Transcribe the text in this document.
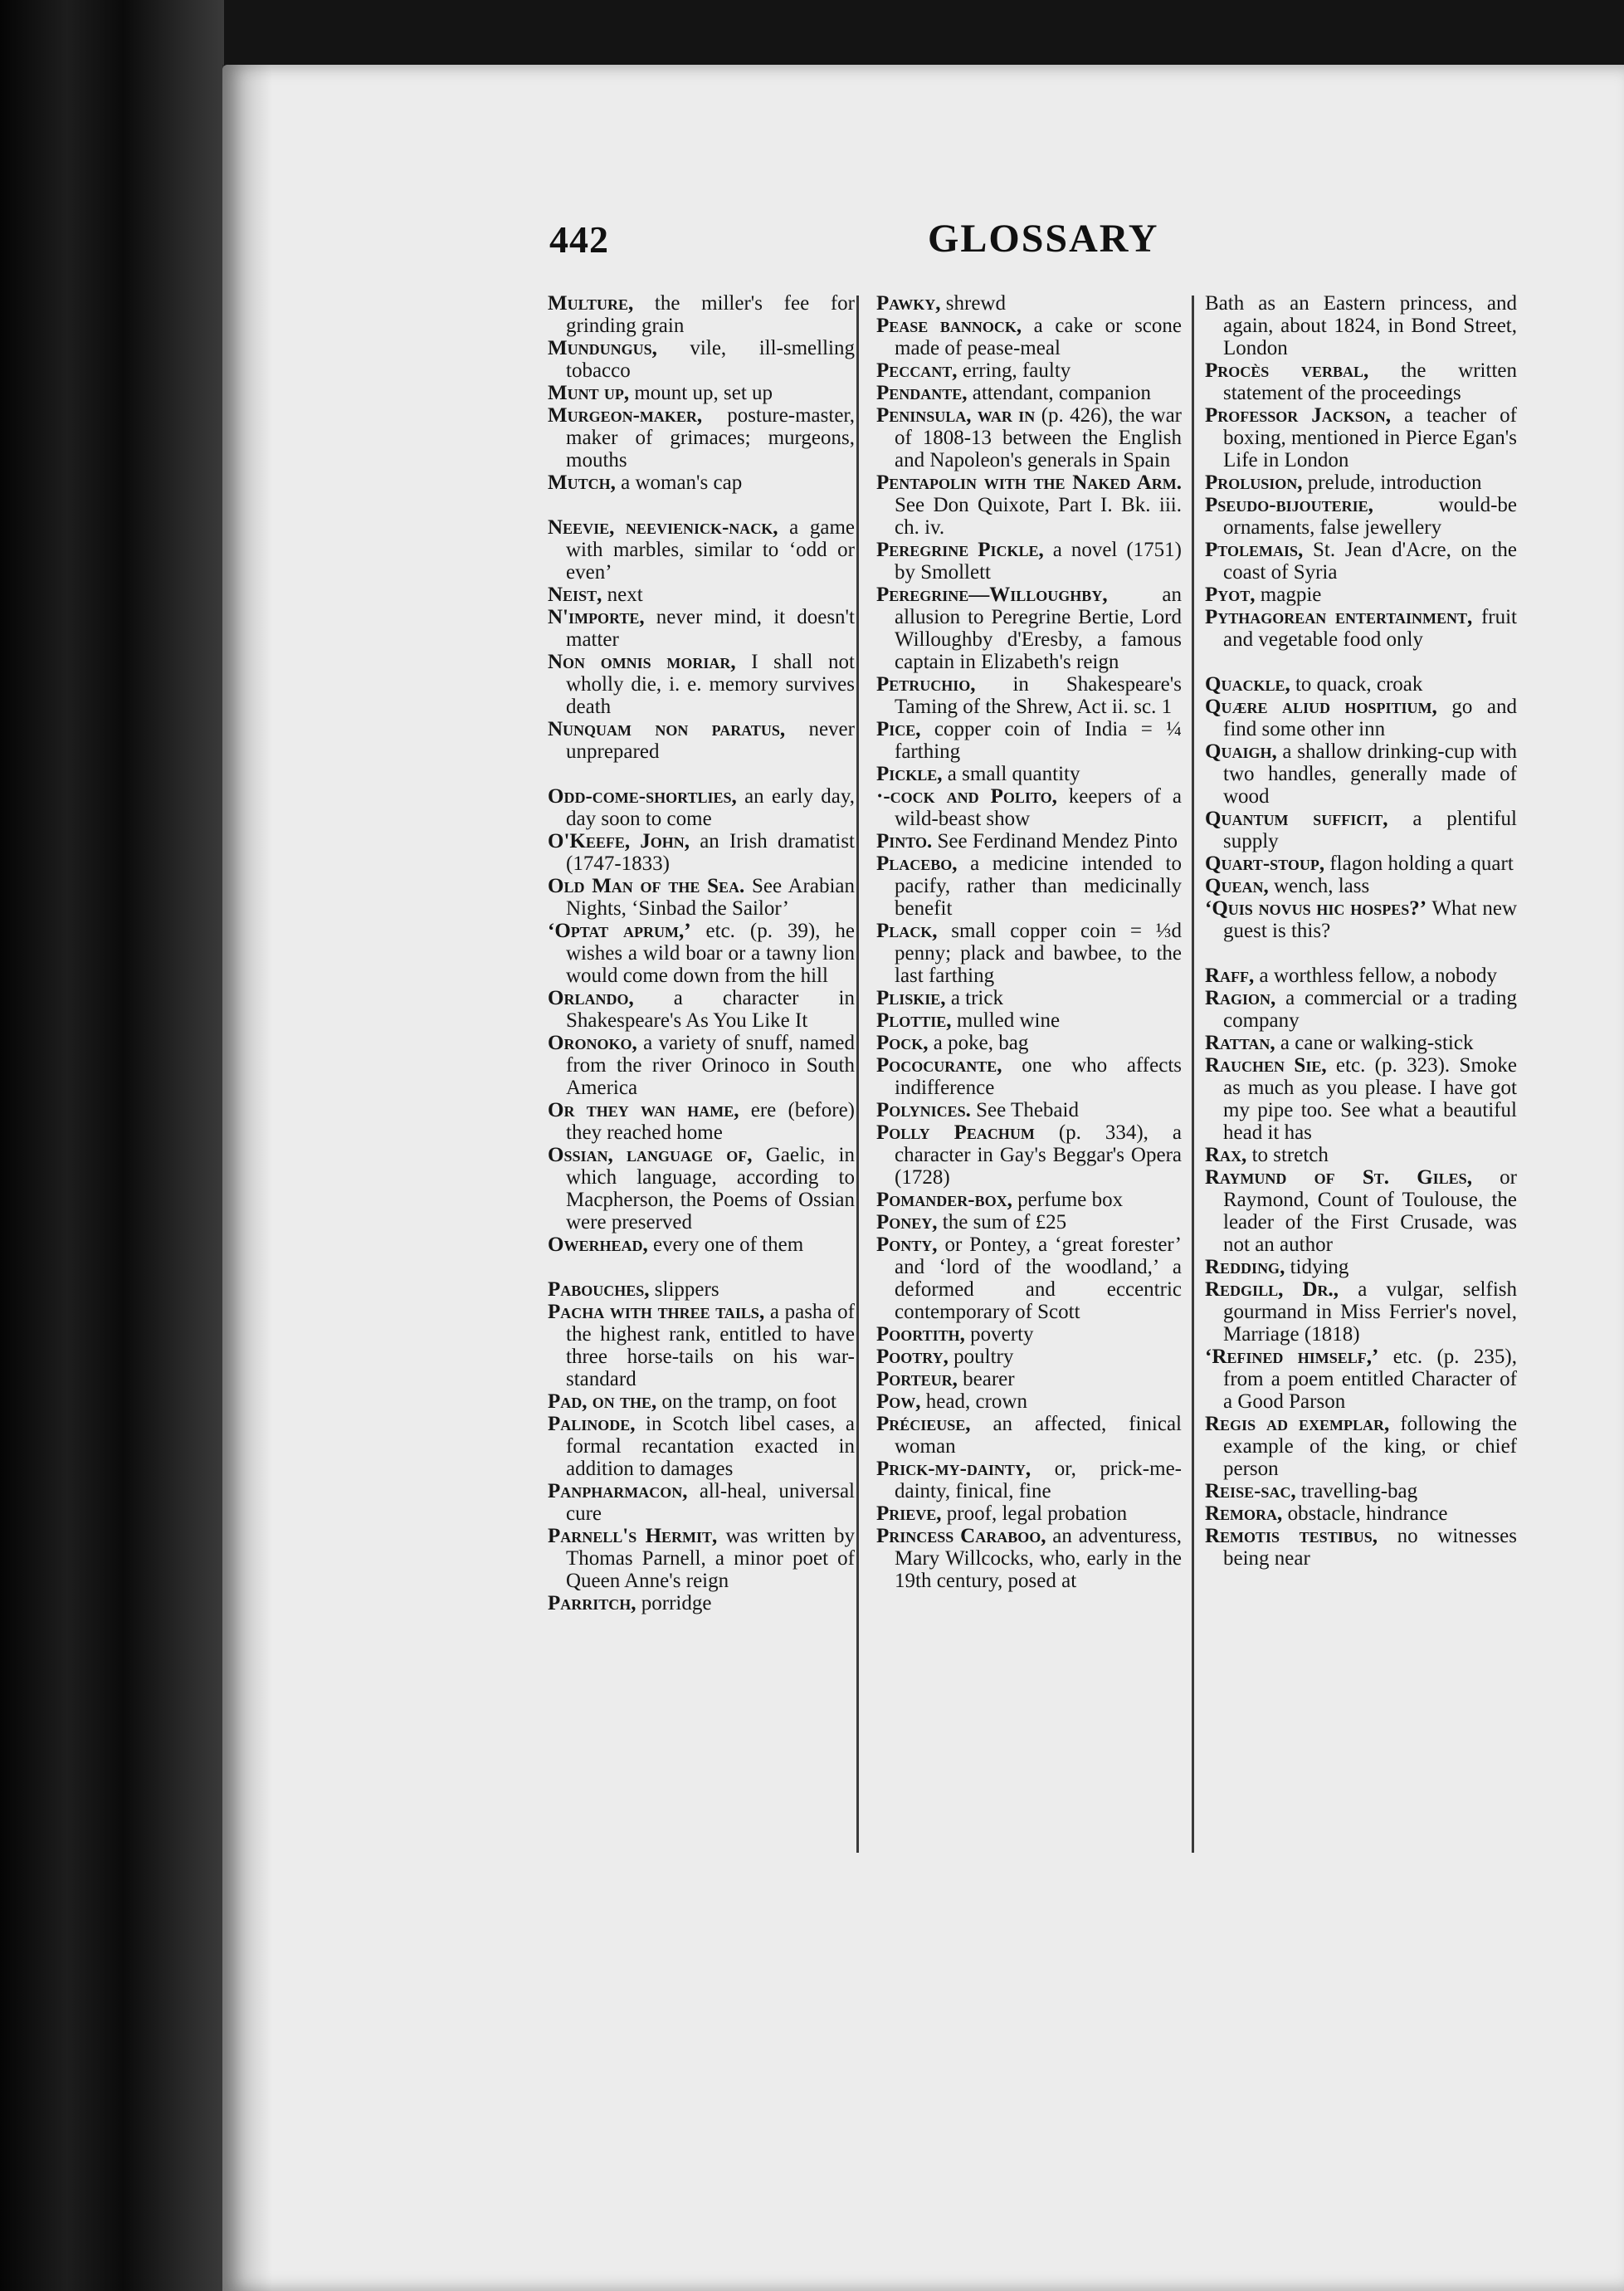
442	GLOSSARY
Multure, the miller's fee for grinding grain
Mundungus, vile, ill-smelling tobacco
Munt up, mount up, set up
Murgeon-maker, posture-master, maker of grimaces; murgeons, mouths
Mutch, a woman's cap
Neevie, neevienick-nack, a game with marbles, similar to ‘odd or even’
Neist, next
N'importe, never mind, it doesn't matter
Non omnis moriar, I shall not wholly die, i. e. memory survives death
Nunquam non paratus, never unprepared
Odd-come-shortlies, an early day, day soon to come
O'Keefe, John, an Irish dramatist (1747-1833)
Old Man of the Sea. See Arabian Nights, ‘Sinbad the Sailor’
‘Optat aprum,’ etc. (p. 39), he wishes a wild boar or a tawny lion would come down from the hill
Orlando, a character in Shakespeare's As You Like It
Oronoko, a variety of snuff, named from the river Orinoco in South America
Or they wan hame, ere (before) they reached home
Ossian, language of, Gaelic, in which language, according to Macpherson, the Poems of Ossian were preserved
Owerhead, every one of them
Pabouches, slippers
Pacha with three tails, a pasha of the highest rank, entitled to have three horse-tails on his war-standard
Pad, on the, on the tramp, on foot
Palinode, in Scotch libel cases, a formal recantation exacted in addition to damages
Panpharmacon, all-heal, universal cure
Parnell's Hermit, was written by Thomas Parnell, a minor poet of Queen Anne's reign
Parritch, porridge
Pawky, shrewd
Pease bannock, a cake or scone made of pease-meal
Peccant, erring, faulty
Pendante, attendant, companion
Peninsula, war in (p. 426), the war of 1808-13 between the English and Napoleon's generals in Spain
Pentapolin with the Naked Arm. See Don Quixote, Part I. Bk. iii. ch. iv.
Peregrine Pickle, a novel (1751) by Smollett
Peregrine—Willoughby, an allusion to Peregrine Bertie, Lord Willoughby d'Eresby, a famous captain in Elizabeth's reign
Petruchio, in Shakespeare's Taming of the Shrew, Act ii. sc. 1
Pice, copper coin of India = ¼ farthing
Pickle, a small quantity
·‑cock and Polito, keepers of a wild-beast show
Pinto. See Ferdinand Mendez Pinto
Placebo, a medicine intended to pacify, rather than medicinally benefit
Plack, small copper coin = ⅓d penny; plack and bawbee, to the last farthing
Pliskie, a trick
Plottie, mulled wine
Pock, a poke, bag
Pococurante, one who affects indifference
Polynices. See Thebaid
Polly Peachum (p. 334), a character in Gay's Beggar's Opera (1728)
Pomander-box, perfume box
Poney, the sum of £25
Ponty, or Pontey, a ‘great forester’ and ‘lord of the woodland,’ a deformed and eccentric contemporary of Scott
Poortith, poverty
Pootry, poultry
Porteur, bearer
Pow, head, crown
Précieuse, an affected, finical woman
Prick-my-dainty, or, prick-me-dainty, finical, fine
Prieve, proof, legal probation
Princess Caraboo, an adventuress, Mary Willcocks, who, early in the 19th century, posed at
Bath as an Eastern princess, and again, about 1824, in Bond Street, London
Procès verbal, the written statement of the proceedings
Professor Jackson, a teacher of boxing, mentioned in Pierce Egan's Life in London
Prolusion, prelude, introduction
Pseudo-bijouterie, would-be ornaments, false jewellery
Ptolemais, St. Jean d'Acre, on the coast of Syria
Pyot, magpie
Pythagorean entertainment, fruit and vegetable food only
Quackle, to quack, croak
Quære aliud hospitium, go and find some other inn
Quaigh, a shallow drinking-cup with two handles, generally made of wood
Quantum sufficit, a plentiful supply
Quart-stoup, flagon holding a quart
Quean, wench, lass
‘Quis novus hic hospes?’ What new guest is this?
Raff, a worthless fellow, a nobody
Ragion, a commercial or a trading company
Rattan, a cane or walking-stick
Rauchen Sie, etc. (p. 323). Smoke as much as you please. I have got my pipe too. See what a beautiful head it has
Rax, to stretch
Raymund of St. Giles, or Raymond, Count of Toulouse, the leader of the First Crusade, was not an author
Redding, tidying
Redgill, Dr., a vulgar, selfish gourmand in Miss Ferrier's novel, Marriage (1818)
‘Refined himself,’ etc. (p. 235), from a poem entitled Character of a Good Parson
Regis ad exemplar, following the example of the king, or chief person
Reise-sac, travelling-bag
Remora, obstacle, hindrance
Remotis testibus, no witnesses being near
